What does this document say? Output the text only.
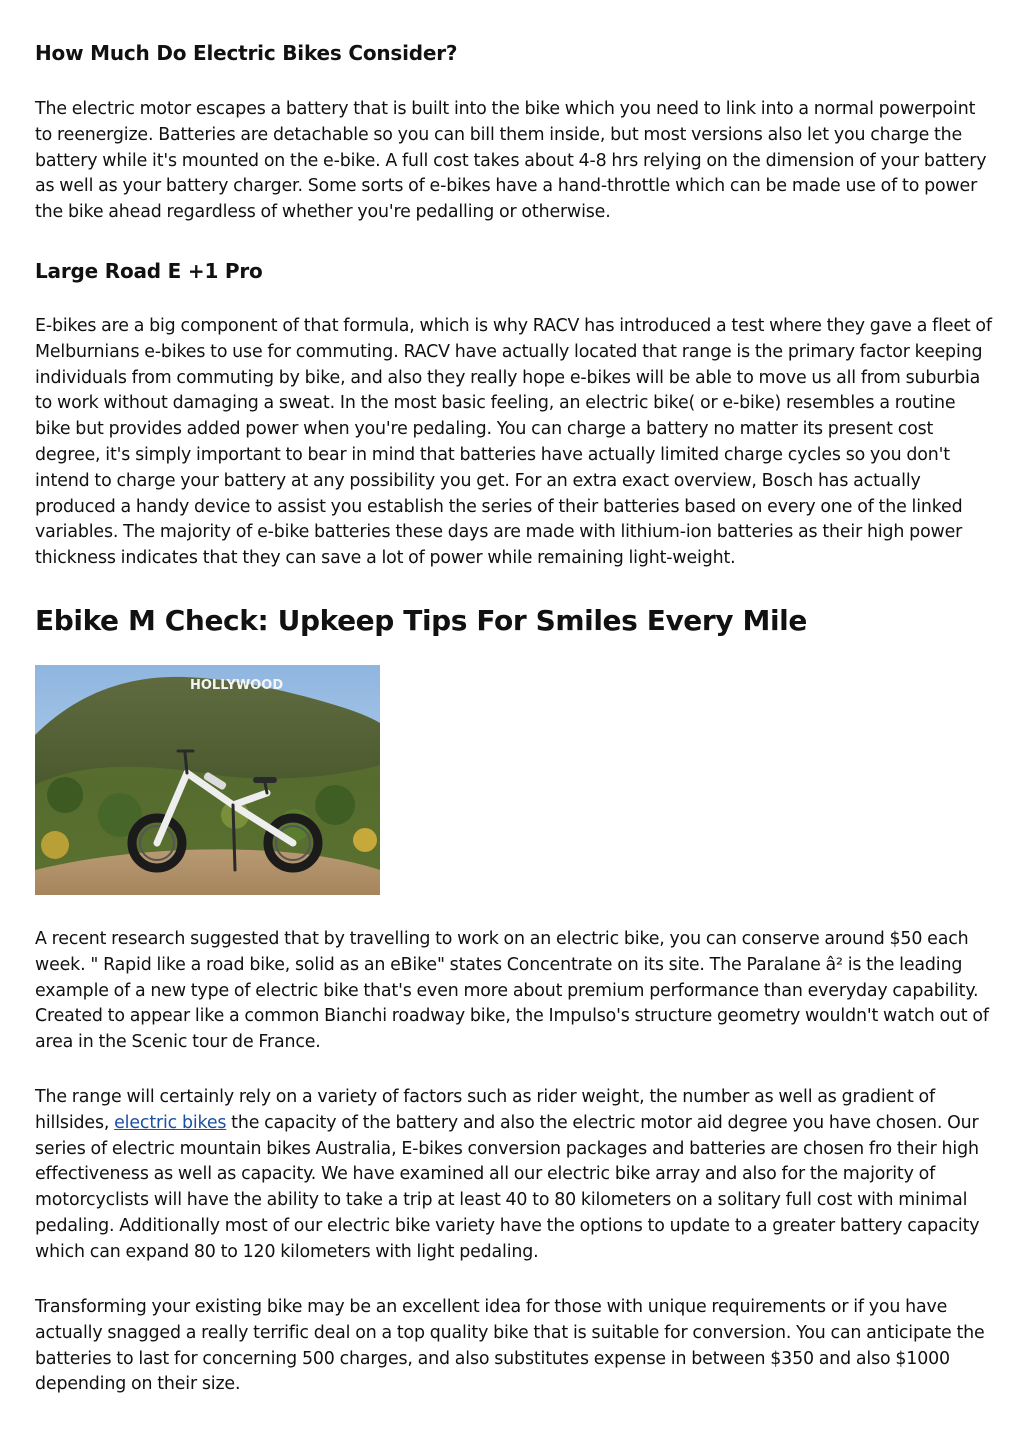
How Much Do Electric Bikes Consider?

The electric motor escapes a battery that is built into the bike which you need to link into a normal powerpoint to reenergize. Batteries are detachable so you can bill them inside, but most versions also let you charge the battery while it's mounted on the e-bike. A full cost takes about 4-8 hrs relying on the dimension of your battery as well as your battery charger. Some sorts of e-bikes have a hand-throttle which can be made use of to power the bike ahead regardless of whether you're pedalling or otherwise.

Large Road E +1 Pro

E-bikes are a big component of that formula, which is why RACV has introduced a test where they gave a fleet of Melburnians e-bikes to use for commuting. RACV have actually located that range is the primary factor keeping individuals from commuting by bike, and also they really hope e-bikes will be able to move us all from suburbia to work without damaging a sweat. In the most basic feeling, an electric bike( or e-bike) resembles a routine bike but provides added power when you're pedaling. You can charge a battery no matter its present cost degree, it's simply important to bear in mind that batteries have actually limited charge cycles so you don't intend to charge your battery at any possibility you get. For an extra exact overview, Bosch has actually produced a handy device to assist you establish the series of their batteries based on every one of the linked variables. The majority of e-bike batteries these days are made with lithium-ion batteries as their high power thickness indicates that they can save a lot of power while remaining light-weight.

Ebike M Check: Upkeep Tips For Smiles Every Mile
HOLLYWOOD

A recent research suggested that by travelling to work on an electric bike, you can conserve around $50 each week. " Rapid like a road bike, solid as an eBike" states Concentrate on its site. The Paralane â² is the leading example of a new type of electric bike that's even more about premium performance than everyday capability. Created to appear like a common Bianchi roadway bike, the Impulso's structure geometry wouldn't watch out of area in the Scenic tour de France.

The range will certainly rely on a variety of factors such as rider weight, the number as well as gradient of hillsides, electric bikes the capacity of the battery and also the electric motor aid degree you have chosen. Our series of electric mountain bikes Australia, E-bikes conversion packages and batteries are chosen fro their high effectiveness as well as capacity. We have examined all our electric bike array and also for the majority of motorcyclists will have the ability to take a trip at least 40 to 80 kilometers on a solitary full cost with minimal pedaling. Additionally most of our electric bike variety have the options to update to a greater battery capacity which can expand 80 to 120 kilometers with light pedaling.

Transforming your existing bike may be an excellent idea for those with unique requirements or if you have actually snagged a really terrific deal on a top quality bike that is suitable for conversion. You can anticipate the batteries to last for concerning 500 charges, and also substitutes expense in between $350 and also $1000 depending on their size.
